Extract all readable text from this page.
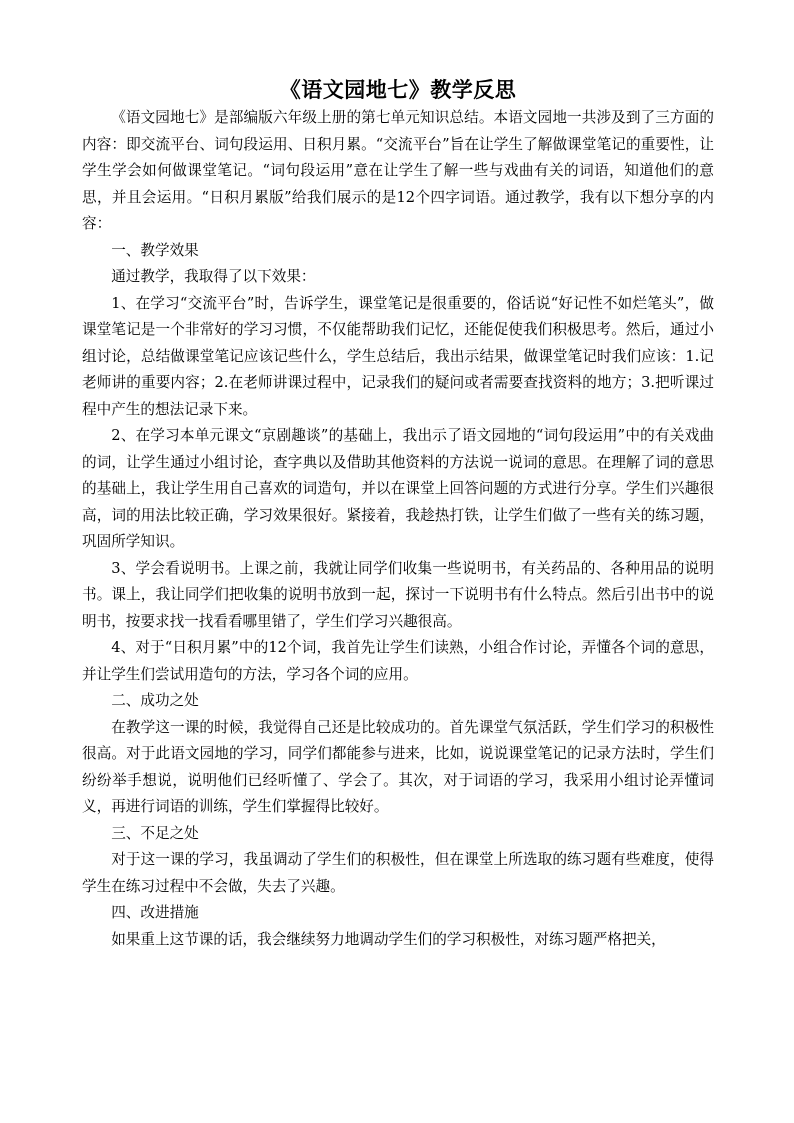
《语文园地七》教学反思

《语文园地七》是部编版六年级上册的第七单元知识总结。本语文园地一共涉及到了三方面的内容：即交流平台、词句段运用、日积月累。“交流平台”旨在让学生了解做课堂笔记的重要性，让学生学会如何做课堂笔记。“词句段运用”意在让学生了解一些与戏曲有关的词语，知道他们的意思，并且会运用。“日积月累版”给我们展示的是12个四字词语。通过教学，我有以下想分享的内容：

一、教学效果

通过教学，我取得了以下效果：

1、在学习“交流平台”时，告诉学生，课堂笔记是很重要的，俗话说“好记性不如烂笔头”，做课堂笔记是一个非常好的学习习惯，不仅能帮助我们记忆，还能促使我们积极思考。然后，通过小组讨论，总结做课堂笔记应该记些什么，学生总结后，我出示结果，做课堂笔记时我们应该：1.记老师讲的重要内容；2.在老师讲课过程中，记录我们的疑问或者需要查找资料的地方；3.把听课过程中产生的想法记录下来。

2、在学习本单元课文“京剧趣谈”的基础上，我出示了语文园地的“词句段运用”中的有关戏曲的词，让学生通过小组讨论，查字典以及借助其他资料的方法说一说词的意思。在理解了词的意思的基础上，我让学生用自己喜欢的词造句，并以在课堂上回答问题的方式进行分享。学生们兴趣很高，词的用法比较正确，学习效果很好。紧接着，我趁热打铁，让学生们做了一些有关的练习题，巩固所学知识。

3、学会看说明书。上课之前，我就让同学们收集一些说明书，有关药品的、各种用品的说明书。课上，我让同学们把收集的说明书放到一起，探讨一下说明书有什么特点。然后引出书中的说明书，按要求找一找看看哪里错了，学生们学习兴趣很高。

4、对于“日积月累”中的12个词，我首先让学生们读熟，小组合作讨论，弄懂各个词的意思，并让学生们尝试用造句的方法，学习各个词的应用。

二、成功之处

在教学这一课的时候，我觉得自己还是比较成功的。首先课堂气氛活跃，学生们学习的积极性很高。对于此语文园地的学习，同学们都能参与进来，比如，说说课堂笔记的记录方法时，学生们纷纷举手想说，说明他们已经听懂了、学会了。其次，对于词语的学习，我采用小组讨论弄懂词义，再进行词语的训练，学生们掌握得比较好。

三、不足之处

对于这一课的学习，我虽调动了学生们的积极性，但在课堂上所选取的练习题有些难度，使得学生在练习过程中不会做，失去了兴趣。

四、改进措施

如果重上这节课的话，我会继续努力地调动学生们的学习积极性，对练习题严格把关，
